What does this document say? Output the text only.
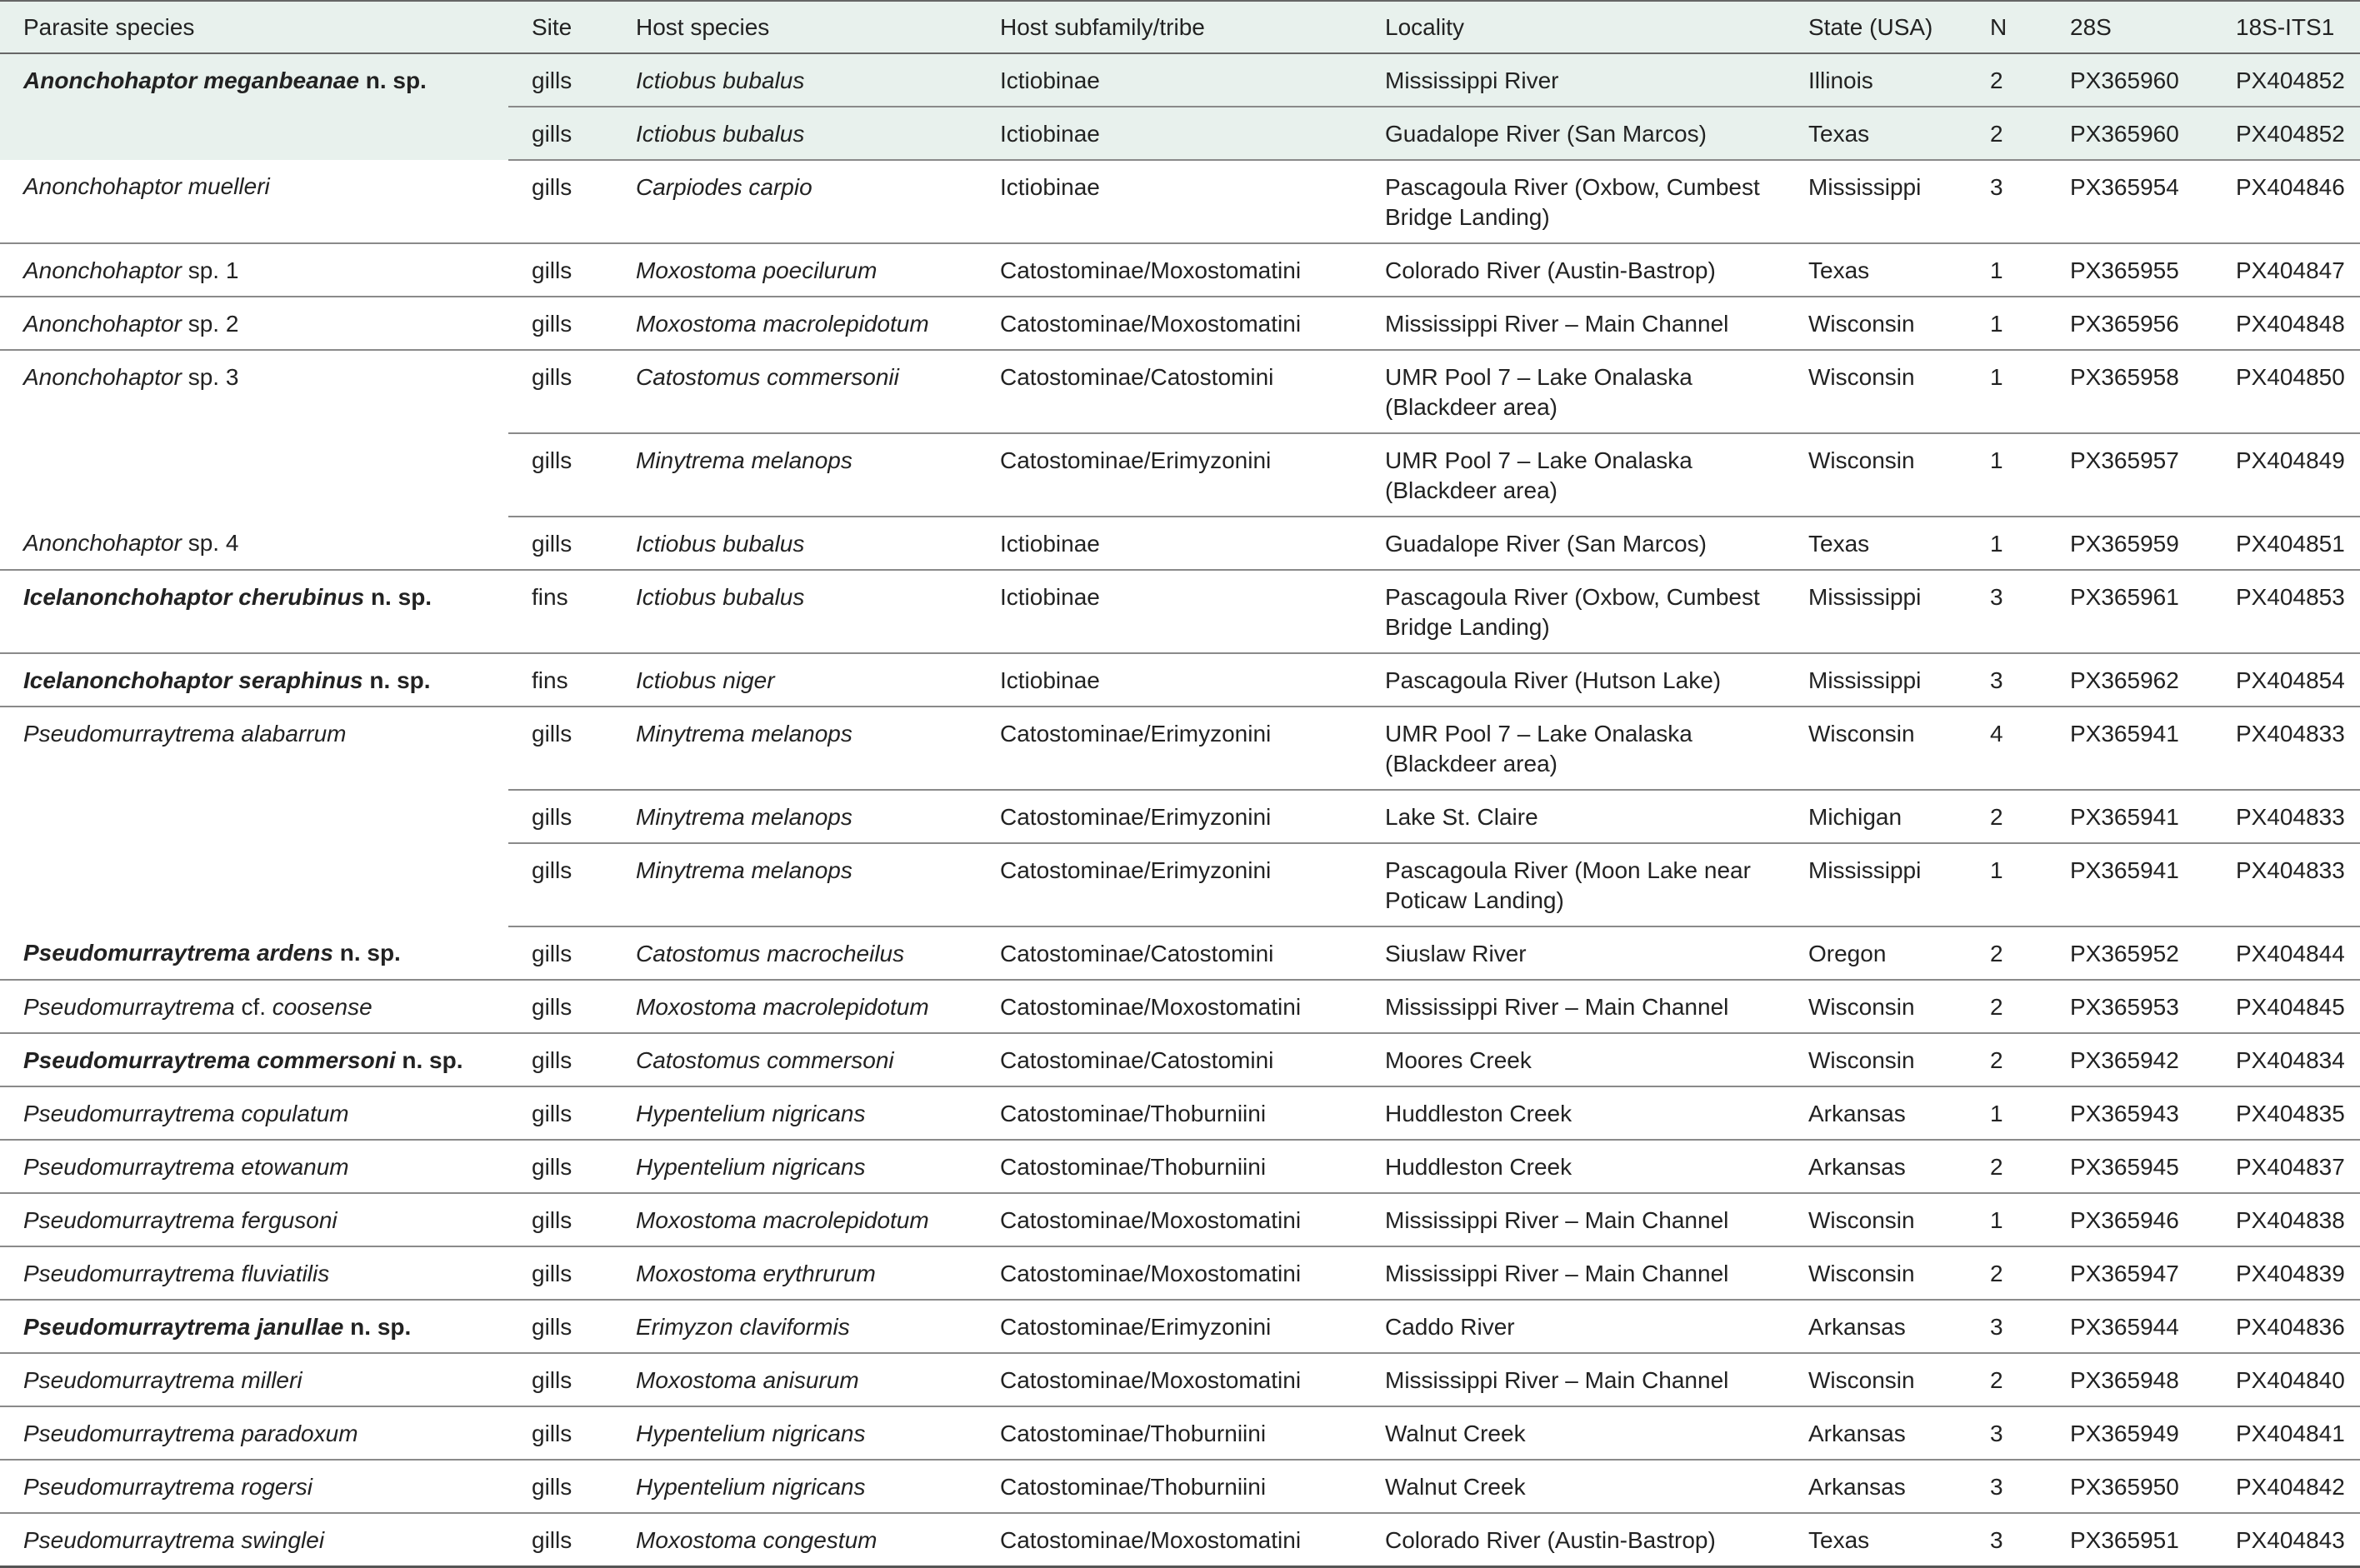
Parasite species	Site	Host species	Host subfamily/tribe	Locality	State (USA)	N	28S	18S-ITS1
Anonchohaptor meganbeanae n. sp.	gills	Ictiobus bubalus	Ictiobinae	Mississippi River	Illinois	2	PX365960	PX404852
	gills	Ictiobus bubalus	Ictiobinae	Guadalope River (San Marcos)	Texas	2	PX365960	PX404852
Anonchohaptor muelleri	gills	Carpiodes carpio	Ictiobinae	Pascagoula River (Oxbow, Cumbest Bridge Landing)	Mississippi	3	PX365954	PX404846
Anonchohaptor sp. 1	gills	Moxostoma poecilurum	Catostominae/Moxostomatini	Colorado River (Austin-Bastrop)	Texas	1	PX365955	PX404847
Anonchohaptor sp. 2	gills	Moxostoma macrolepidotum	Catostominae/Moxostomatini	Mississippi River – Main Channel	Wisconsin	1	PX365956	PX404848
Anonchohaptor sp. 3	gills	Catostomus commersonii	Catostominae/Catostomini	UMR Pool 7 – Lake Onalaska (Blackdeer area)	Wisconsin	1	PX365958	PX404850
	gills	Minytrema melanops	Catostominae/Erimyzonini	UMR Pool 7 – Lake Onalaska (Blackdeer area)	Wisconsin	1	PX365957	PX404849
Anonchohaptor sp. 4	gills	Ictiobus bubalus	Ictiobinae	Guadalope River (San Marcos)	Texas	1	PX365959	PX404851
Icelanonchohaptor cherubinus n. sp.	fins	Ictiobus bubalus	Ictiobinae	Pascagoula River (Oxbow, Cumbest Bridge Landing)	Mississippi	3	PX365961	PX404853
Icelanonchohaptor seraphinus n. sp.	fins	Ictiobus niger	Ictiobinae	Pascagoula River (Hutson Lake)	Mississippi	3	PX365962	PX404854
Pseudomurraytrema alabarrum	gills	Minytrema melanops	Catostominae/Erimyzonini	UMR Pool 7 – Lake Onalaska (Blackdeer area)	Wisconsin	4	PX365941	PX404833
	gills	Minytrema melanops	Catostominae/Erimyzonini	Lake St. Claire	Michigan	2	PX365941	PX404833
	gills	Minytrema melanops	Catostominae/Erimyzonini	Pascagoula River (Moon Lake near Poticaw Landing)	Mississippi	1	PX365941	PX404833
Pseudomurraytrema ardens n. sp.	gills	Catostomus macrocheilus	Catostominae/Catostomini	Siuslaw River	Oregon	2	PX365952	PX404844
Pseudomurraytrema cf. coosense	gills	Moxostoma macrolepidotum	Catostominae/Moxostomatini	Mississippi River – Main Channel	Wisconsin	2	PX365953	PX404845
Pseudomurraytrema commersoni n. sp.	gills	Catostomus commersoni	Catostominae/Catostomini	Moores Creek	Wisconsin	2	PX365942	PX404834
Pseudomurraytrema copulatum	gills	Hypentelium nigricans	Catostominae/Thoburniini	Huddleston Creek	Arkansas	1	PX365943	PX404835
Pseudomurraytrema etowanum	gills	Hypentelium nigricans	Catostominae/Thoburniini	Huddleston Creek	Arkansas	2	PX365945	PX404837
Pseudomurraytrema fergusoni	gills	Moxostoma macrolepidotum	Catostominae/Moxostomatini	Mississippi River – Main Channel	Wisconsin	1	PX365946	PX404838
Pseudomurraytrema fluviatilis	gills	Moxostoma erythrurum	Catostominae/Moxostomatini	Mississippi River – Main Channel	Wisconsin	2	PX365947	PX404839
Pseudomurraytrema janullae n. sp.	gills	Erimyzon claviformis	Catostominae/Erimyzonini	Caddo River	Arkansas	3	PX365944	PX404836
Pseudomurraytrema milleri	gills	Moxostoma anisurum	Catostominae/Moxostomatini	Mississippi River – Main Channel	Wisconsin	2	PX365948	PX404840
Pseudomurraytrema paradoxum	gills	Hypentelium nigricans	Catostominae/Thoburniini	Walnut Creek	Arkansas	3	PX365949	PX404841
Pseudomurraytrema rogersi	gills	Hypentelium nigricans	Catostominae/Thoburniini	Walnut Creek	Arkansas	3	PX365950	PX404842
Pseudomurraytrema swinglei	gills	Moxostoma congestum	Catostominae/Moxostomatini	Colorado River (Austin-Bastrop)	Texas	3	PX365951	PX404843
